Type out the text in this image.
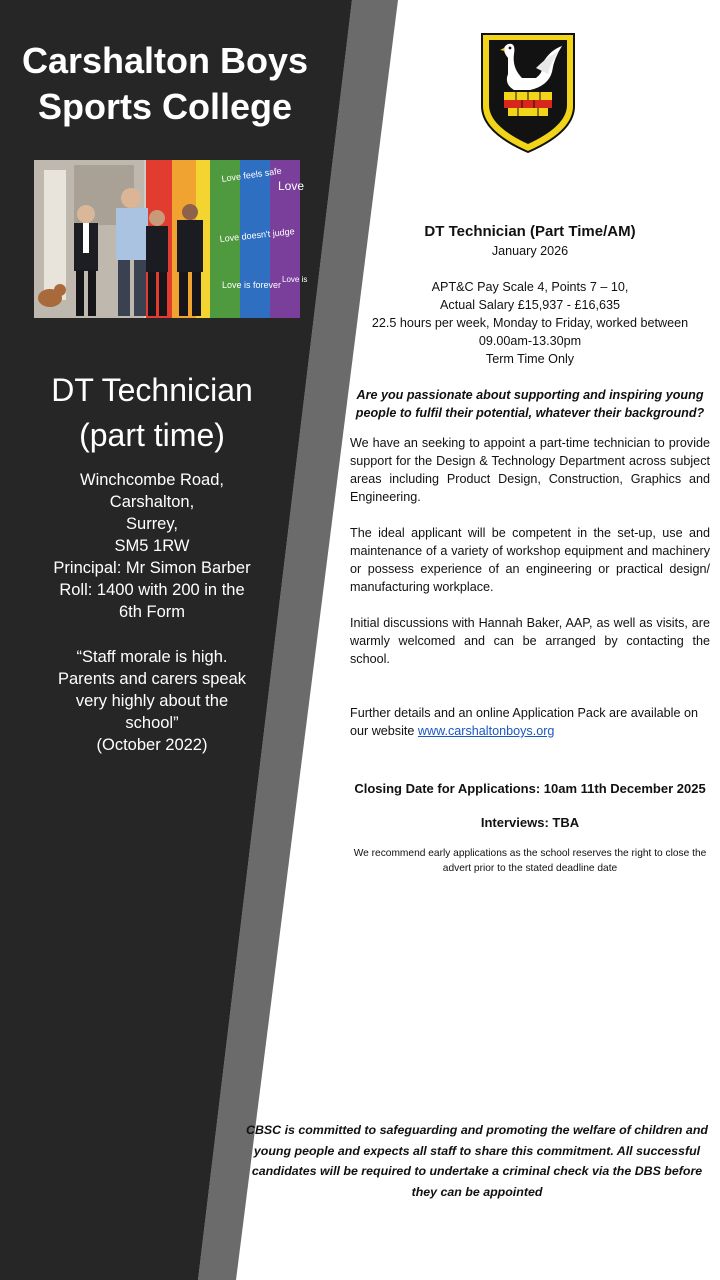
Carshalton Boys
Sports College
Love feels safe
Love
Love doesn't judge
Love is forever
Love is
DT Technician
(part time)
Winchcombe Road,
Carshalton,
Surrey,
SM5 1RW
Principal: Mr Simon Barber
Roll: 1400 with 200 in the
6th Form
“Staff morale is high.
Parents and carers speak
very highly about the
school”
(October 2022)
DT Technician (Part Time/AM)
January 2026
APT&C Pay Scale 4, Points 7 – 10,
Actual Salary £15,937 - £16,635
22.5 hours per week, Monday to Friday, worked between
09.00am-13.30pm
Term Time Only
Are you passionate about supporting and inspiring young people to fulfil their potential, whatever their background?
We have an seeking to appoint a part-time technician to provide support for the Design & Technology Department across subject areas including Product Design, Construction, Graphics and Engineering.
The ideal applicant will be competent in the set-up, use and maintenance of a variety of workshop equipment and machinery or possess experience of an engineering or practical design/ manufacturing workplace.
Initial discussions with Hannah Baker, AAP, as well as visits, are warmly welcomed and can be arranged by contacting the school.
Further details and an online Application Pack are available on our website www.carshaltonboys.org
Closing Date for Applications: 10am 11th December 2025
Interviews: TBA
We recommend early applications as the school reserves the right to close the advert prior to the stated deadline date
CBSC is committed to safeguarding and promoting the welfare of children and young people and expects all staff to share this commitment. All successful candidates will be required to undertake a criminal check via the DBS before they can be appointed
